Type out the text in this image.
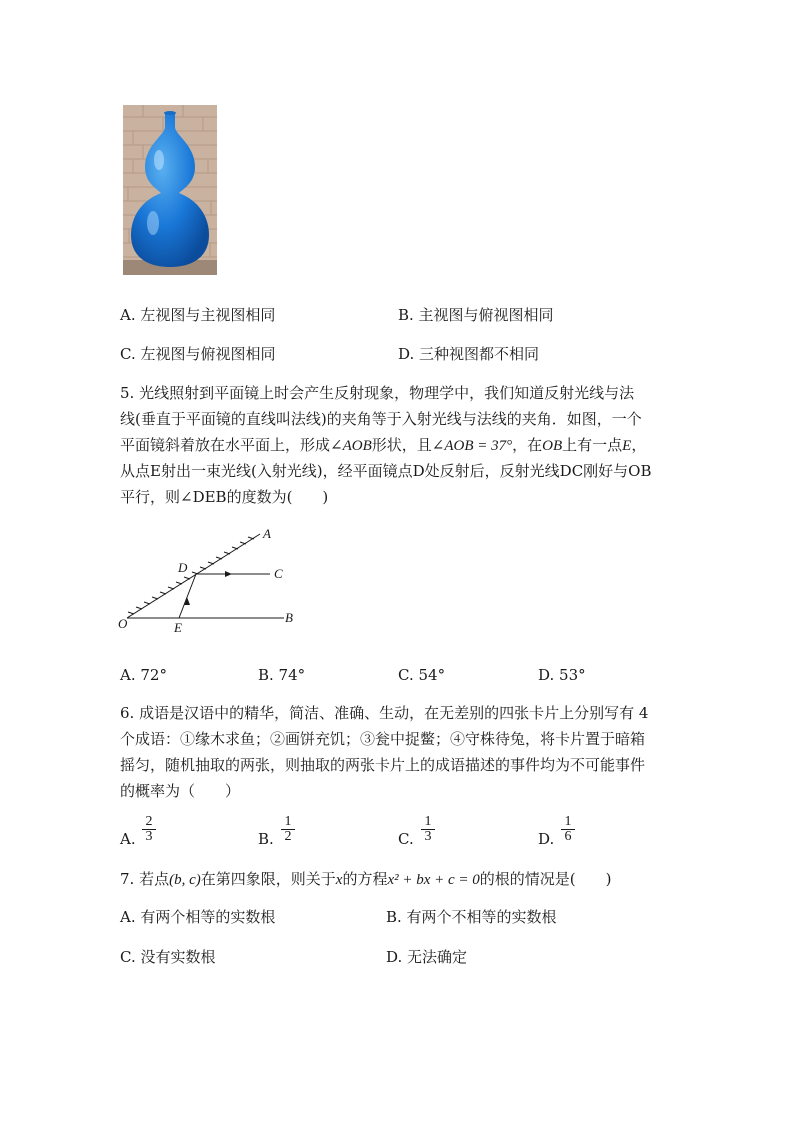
A. 左视图与主视图相同	B. 主视图与俯视图相同
C. 左视图与俯视图相同	D. 三种视图都不相同
5. 光线照射到平面镜上时会产生反射现象，物理学中，我们知道反射光线与法
线(垂直于平面镜的直线叫法线)的夹角等于入射光线与法线的夹角．如图，一个
平面镜斜着放在水平面上，形成∠AOB形状，且∠AOB = 37°，在OB上有一点E，
从点E射出一束光线(入射光线)，经平面镜点D处反射后，反射光线DC刚好与OB
平行，则∠DEB的度数为(　　)
A
C
D
O	E
B
A. 72°	B. 74°	C. 54°	D. 53°
6. 成语是汉语中的精华，简洁、准确、生动，在无差别的四张卡片上分别写有 4
个成语：①缘木求鱼；②画饼充饥；③瓮中捉鳖；④守株待兔，将卡片置于暗箱
摇匀，随机抽取的两张，则抽取的两张卡片上的成语描述的事件均为不可能事件
的概率为（　　）
A. $\frac{2}{3}$	B. $\frac{1}{2}$	C. $\frac{1}{3}$	D. $\frac{1}{6}$
7. 若点(b, c)在第四象限，则关于x的方程x² + bx + c = 0的根的情况是(　　)
A. 有两个相等的实数根	B. 有两个不相等的实数根
C. 没有实数根	D. 无法确定
